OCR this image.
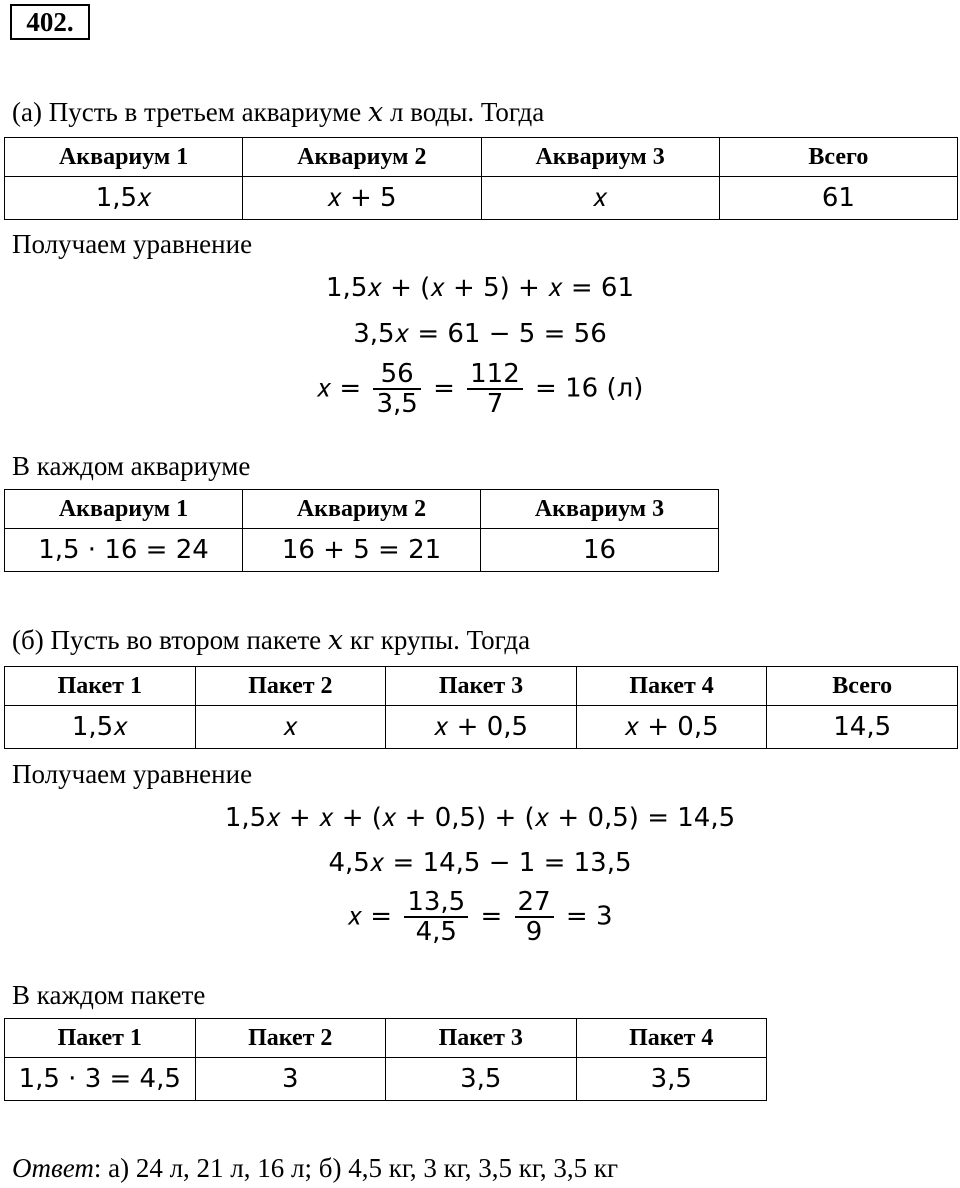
402.
(а) Пусть в третьем аквариуме 𝑥 л воды. Тогда
Аквариум 1	Аквариум 2	Аквариум 3	Всего
1,5𝑥	𝑥 + 5	𝑥	61
Получаем уравнение
1,5𝑥 + (𝑥 + 5) + 𝑥 = 61
3,5𝑥 = 61 − 5 = 56
𝑥 = $\frac{56}{3,5} = \frac{112}{7} = 16$ (л)
В каждом аквариуме
Аквариум 1	Аквариум 2	Аквариум 3
1,5 · 16 = 24	16 + 5 = 21	16
(б) Пусть во втором пакете 𝑥 кг крупы. Тогда
Пакет 1	Пакет 2	Пакет 3	Пакет 4	Всего
1,5𝑥	𝑥	𝑥 + 0,5	𝑥 + 0,5	14,5
Получаем уравнение
1,5𝑥 + 𝑥 + (𝑥 + 0,5) + (𝑥 + 0,5) = 14,5
4,5𝑥 = 14,5 − 1 = 13,5
𝑥 = $\frac{13,5}{4,5} = \frac{27}{9} = 3$
В каждом пакете
Пакет 1	Пакет 2	Пакет 3	Пакет 4
1,5 · 3 = 4,5	3	3,5	3,5
Ответ: а) 24 л, 21 л, 16 л; б) 4,5 кг, 3 кг, 3,5 кг, 3,5 кг
